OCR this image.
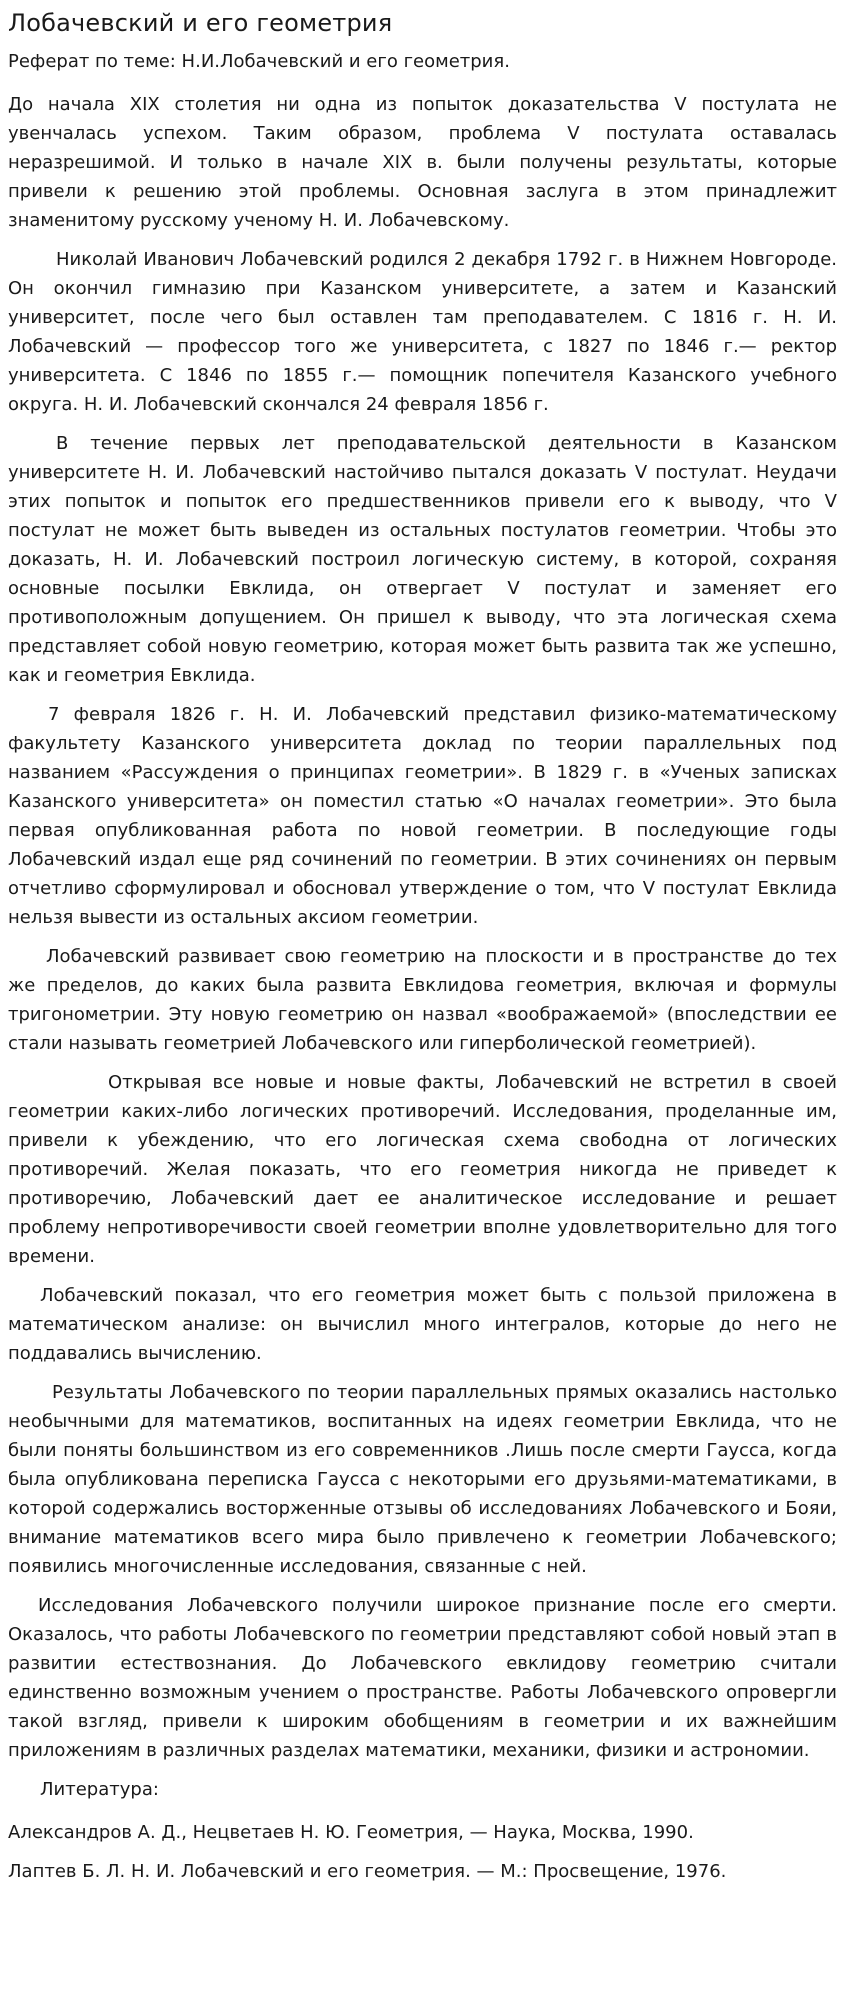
Лобачевский и его геометрия
Реферат по теме: Н.И.Лобачевский и его геометрия.

До начала XIX столетия ни одна из попыток доказательства V постулата не увенчалась успехом. Таким образом, проблема V постулата оставалась неразрешимой. И только в начале XIX в. были получены результаты, которые привели к решению этой проблемы. Основная заслуга в этом принадлежит знаменитому русскому ученому Н. И. Лобачевскому.

Николай Иванович Лобачевский родился 2 декабря 1792 г. в Нижнем Новгороде. Он окончил гимназию при Казанском университете, а затем и Казанский университет, после чего был оставлен там преподавателем. С 1816 г. Н. И. Лобачевский — профессор того же университета, с 1827 по 1846 г.— ректор университета. С 1846 по 1855 г.— помощник попечителя Казанского учебного округа. Н. И. Лобачевский скончался 24 февраля 1856 г.

В течение первых лет преподавательской деятельности в Казанском университете Н. И. Лобачевский настойчиво пытался доказать V постулат. Неудачи этих попыток и попыток его предшественников привели его к выводу, что V постулат не может быть выведен из остальных постулатов геометрии. Чтобы это доказать, Н. И. Лобачевский построил логическую систему, в которой, сохраняя основные посылки Евклида, он отвергает V постулат и заменяет его противоположным допущением. Он пришел к выводу, что эта логическая схема представляет собой новую геометрию, которая может быть развита так же успешно, как и геометрия Евклида.

7 февраля 1826 г. Н. И. Лобачевский представил физико-математическому факультету Казанского университета доклад по теории параллельных под названием «Рассуждения о принципах геометрии». В 1829 г. в «Ученых записках Казанского университета» он поместил статью «О началах геометрии». Это была первая опубликованная работа по новой геометрии. В последующие годы Лобачевский издал еще ряд сочинений по геометрии. В этих сочинениях он первым отчетливо сформулировал и обосновал утверждение о том, что V постулат Евклида нельзя вывести из остальных аксиом геометрии.

Лобачевский развивает свою геометрию на плоскости и в пространстве до тех же пределов, до каких была развита Евклидова геометрия, включая и формулы тригонометрии. Эту новую геометрию он назвал «воображаемой» (впоследствии ее стали называть геометрией Лобачевского или гиперболической геометрией).

Открывая все новые и новые факты, Лобачевский не встретил в своей геометрии каких-либо логических противоречий. Исследования, проделанные им, привели к убеждению, что его логическая схема свободна от логических противоречий. Желая показать, что его геометрия никогда не приведет к противоречию, Лобачевский дает ее аналитическое исследование и решает проблему непротиворечивости своей геометрии вполне удовлетворительно для того времени.

Лобачевский показал, что его геометрия может быть с пользой приложена в математическом анализе: он вычислил много интегралов, которые до него не поддавались вычислению.

Результаты Лобачевского по теории параллельных прямых оказались настолько необычными для математиков, воспитанных на идеях геометрии Евклида, что не были поняты большинством из его современников .Лишь после смерти Гаусса, когда была опубликована переписка Гаусса с некоторыми его друзьями-математиками, в которой содержались восторженные отзывы об исследованиях Лобачевского и Бояи, внимание математиков всего мира было привлечено к геометрии Лобачевского; появились многочисленные исследования, связанные с ней.

Исследования Лобачевского получили широкое признание после его смерти. Оказалось, что работы Лобачевского по геометрии представляют собой новый этап в развитии естествознания. До Лобачевского евклидову геометрию считали единственно возможным учением о пространстве. Работы Лобачевского опровергли такой взгляд, привели к широким обобщениям в геометрии и их важнейшим приложениям в различных разделах математики, механики, физики и астрономии.

Литература:
Александров А. Д., Нецветаев Н. Ю. Геометрия, — Наука, Москва, 1990.
Лаптев Б. Л. Н. И. Лобачевский и его геометрия. — М.: Просвещение, 1976.
